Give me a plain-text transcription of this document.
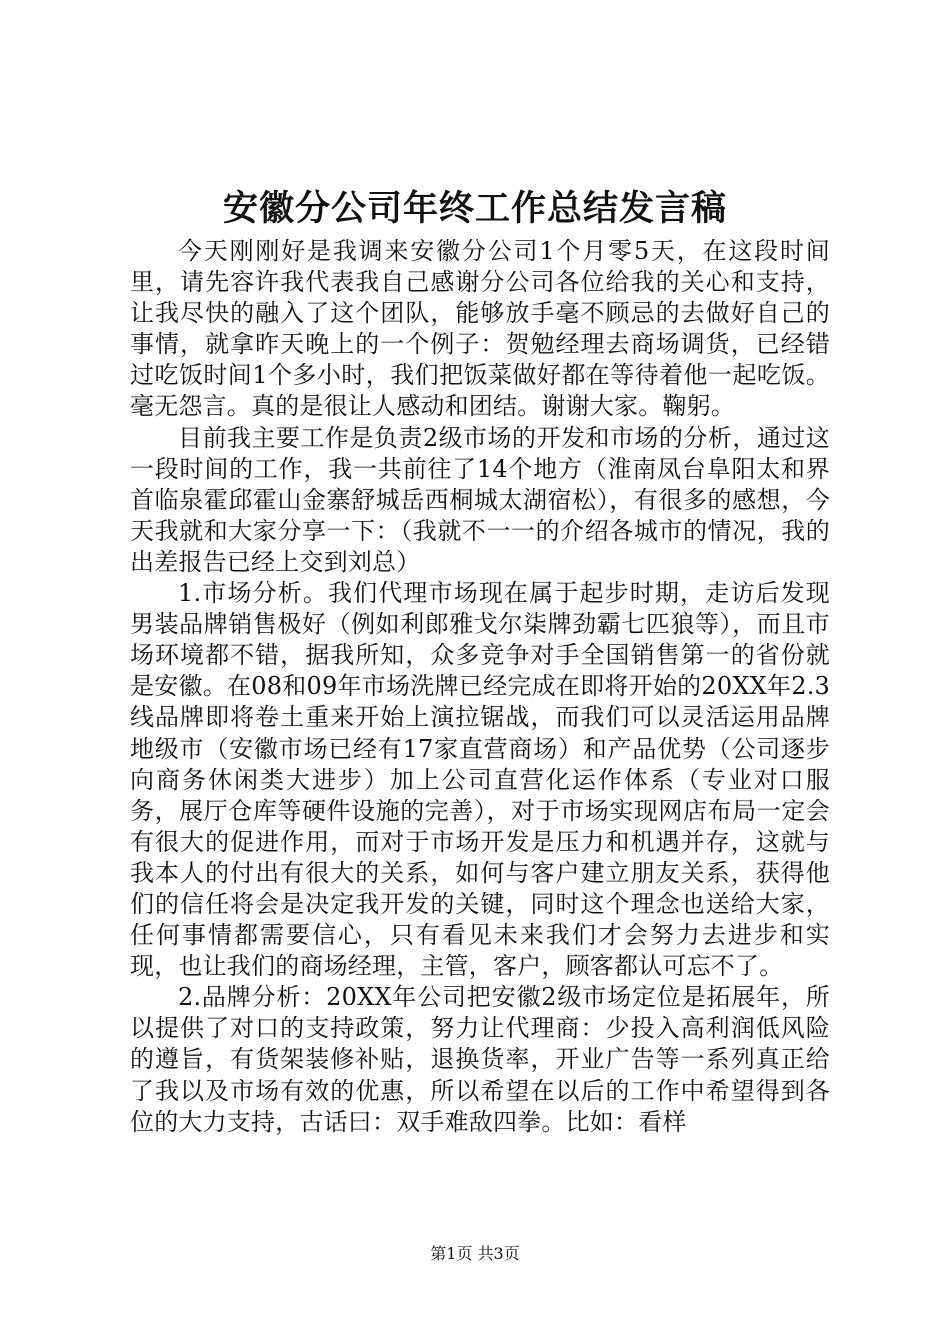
安徽分公司年终工作总结发言稿

今天刚刚好是我调来安徽分公司1个月零5天，在这段时间里，请先容许我代表我自己感谢分公司各位给我的关心和支持，让我尽快的融入了这个团队，能够放手毫不顾忌的去做好自己的事情，就拿昨天晚上的一个例子：贺勉经理去商场调货，已经错过吃饭时间1个多小时，我们把饭菜做好都在等待着他一起吃饭。毫无怨言。真的是很让人感动和团结。谢谢大家。鞠躬。

目前我主要工作是负责2级市场的开发和市场的分析，通过这一段时间的工作，我一共前往了14个地方（淮南凤台阜阳太和界首临泉霍邱霍山金寨舒城岳西桐城太湖宿松），有很多的感想，今天我就和大家分享一下：（我就不一一的介绍各城市的情况，我的出差报告已经上交到刘总）

1.市场分析。我们代理市场现在属于起步时期，走访后发现男装品牌销售极好（例如利郎雅戈尔柒牌劲霸七匹狼等），而且市场环境都不错，据我所知，众多竞争对手全国销售第一的省份就是安徽。在08和09年市场洗牌已经完成在即将开始的20XX年2.3线品牌即将卷土重来开始上演拉锯战，而我们可以灵活运用品牌地级市（安徽市场已经有17家直营商场）和产品优势（公司逐步向商务休闲类大进步）加上公司直营化运作体系（专业对口服务，展厅仓库等硬件设施的完善），对于市场实现网店布局一定会有很大的促进作用，而对于市场开发是压力和机遇并存，这就与我本人的付出有很大的关系，如何与客户建立朋友关系，获得他们的信任将会是决定我开发的关键，同时这个理念也送给大家，任何事情都需要信心，只有看见未来我们才会努力去进步和实现，也让我们的商场经理，主管，客户，顾客都认可忘不了。

2.品牌分析：20XX年公司把安徽2级市场定位是拓展年，所以提供了对口的支持政策，努力让代理商：少投入高利润低风险的遵旨，有货架装修补贴，退换货率，开业广告等一系列真正给了我以及市场有效的优惠，所以希望在以后的工作中希望得到各位的大力支持，古话曰：双手难敌四拳。比如：看样

第1页 共3页
